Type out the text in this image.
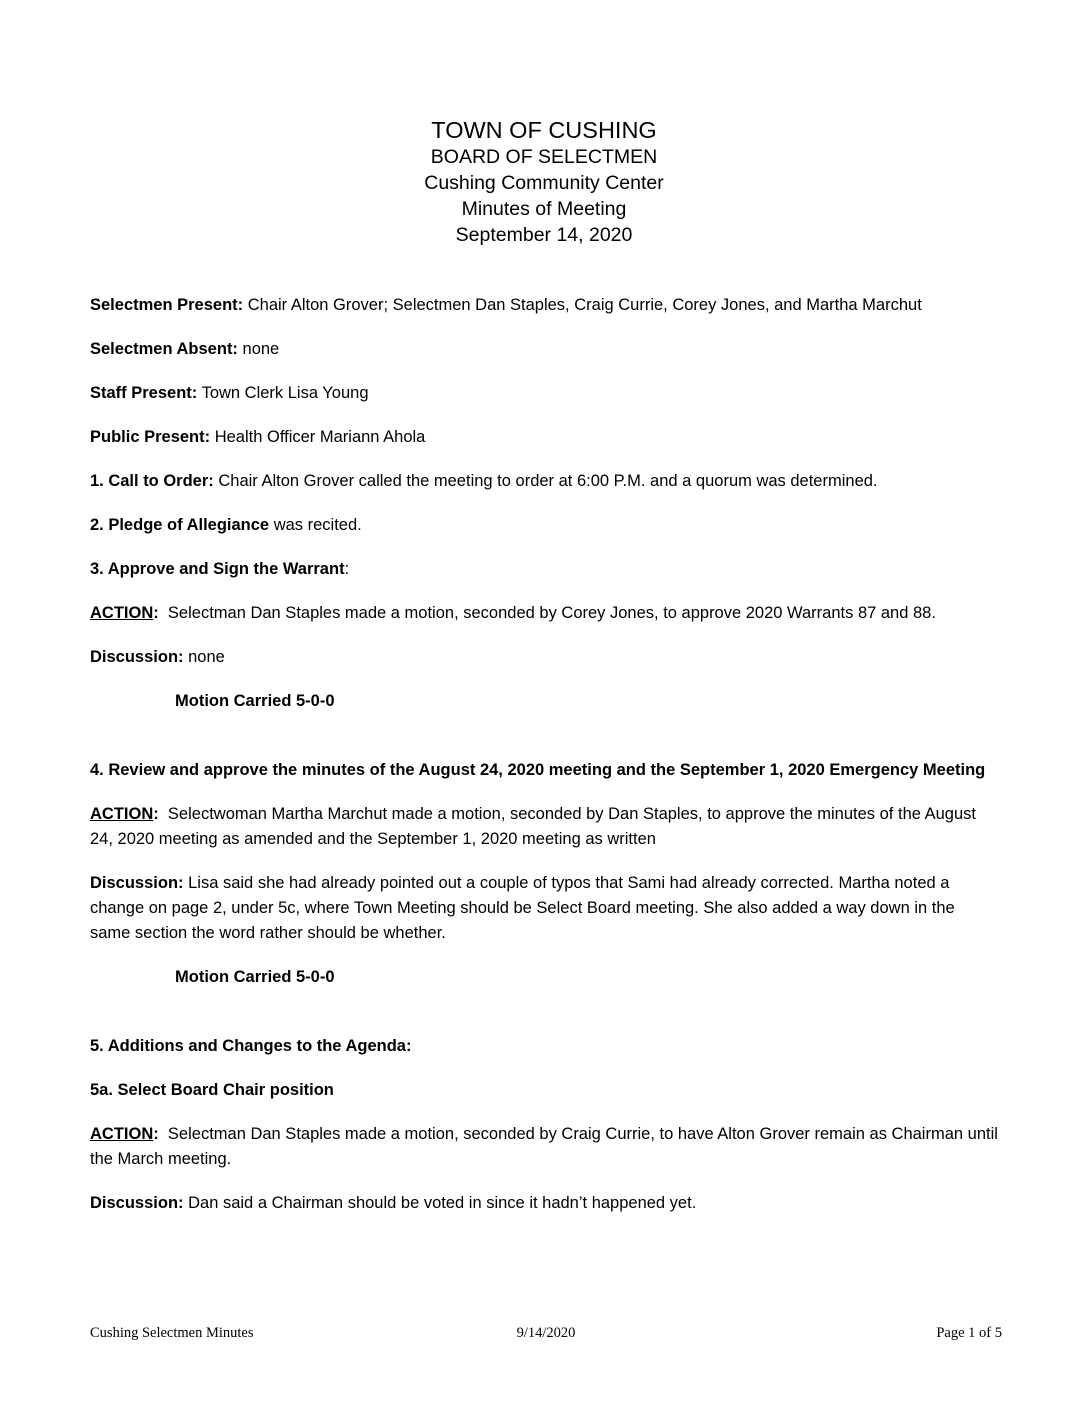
TOWN OF CUSHING
BOARD OF SELECTMEN
Cushing Community Center
Minutes of Meeting
September 14, 2020

Selectmen Present: Chair Alton Grover; Selectmen Dan Staples, Craig Currie, Corey Jones, and Martha Marchut

Selectmen Absent: none

Staff Present: Town Clerk Lisa Young

Public Present: Health Officer Mariann Ahola

1. Call to Order: Chair Alton Grover called the meeting to order at 6:00 P.M. and a quorum was determined.

2. Pledge of Allegiance was recited.

3. Approve and Sign the Warrant:

ACTION:  Selectman Dan Staples made a motion, seconded by Corey Jones, to approve 2020 Warrants 87 and 88.

Discussion: none

Motion Carried 5-0-0

4. Review and approve the minutes of the August 24, 2020 meeting and the September 1, 2020 Emergency Meeting

ACTION:  Selectwoman Martha Marchut made a motion, seconded by Dan Staples, to approve the minutes of the August 24, 2020 meeting as amended and the September 1, 2020 meeting as written

Discussion: Lisa said she had already pointed out a couple of typos that Sami had already corrected. Martha noted a change on page 2, under 5c, where Town Meeting should be Select Board meeting. She also added a way down in the same section the word rather should be whether.

Motion Carried 5-0-0

5. Additions and Changes to the Agenda:

5a. Select Board Chair position

ACTION:  Selectman Dan Staples made a motion, seconded by Craig Currie, to have Alton Grover remain as Chairman until the March meeting.

Discussion: Dan said a Chairman should be voted in since it hadn’t happened yet.

Cushing Selectmen Minutes	9/14/2020	Page 1 of 5
